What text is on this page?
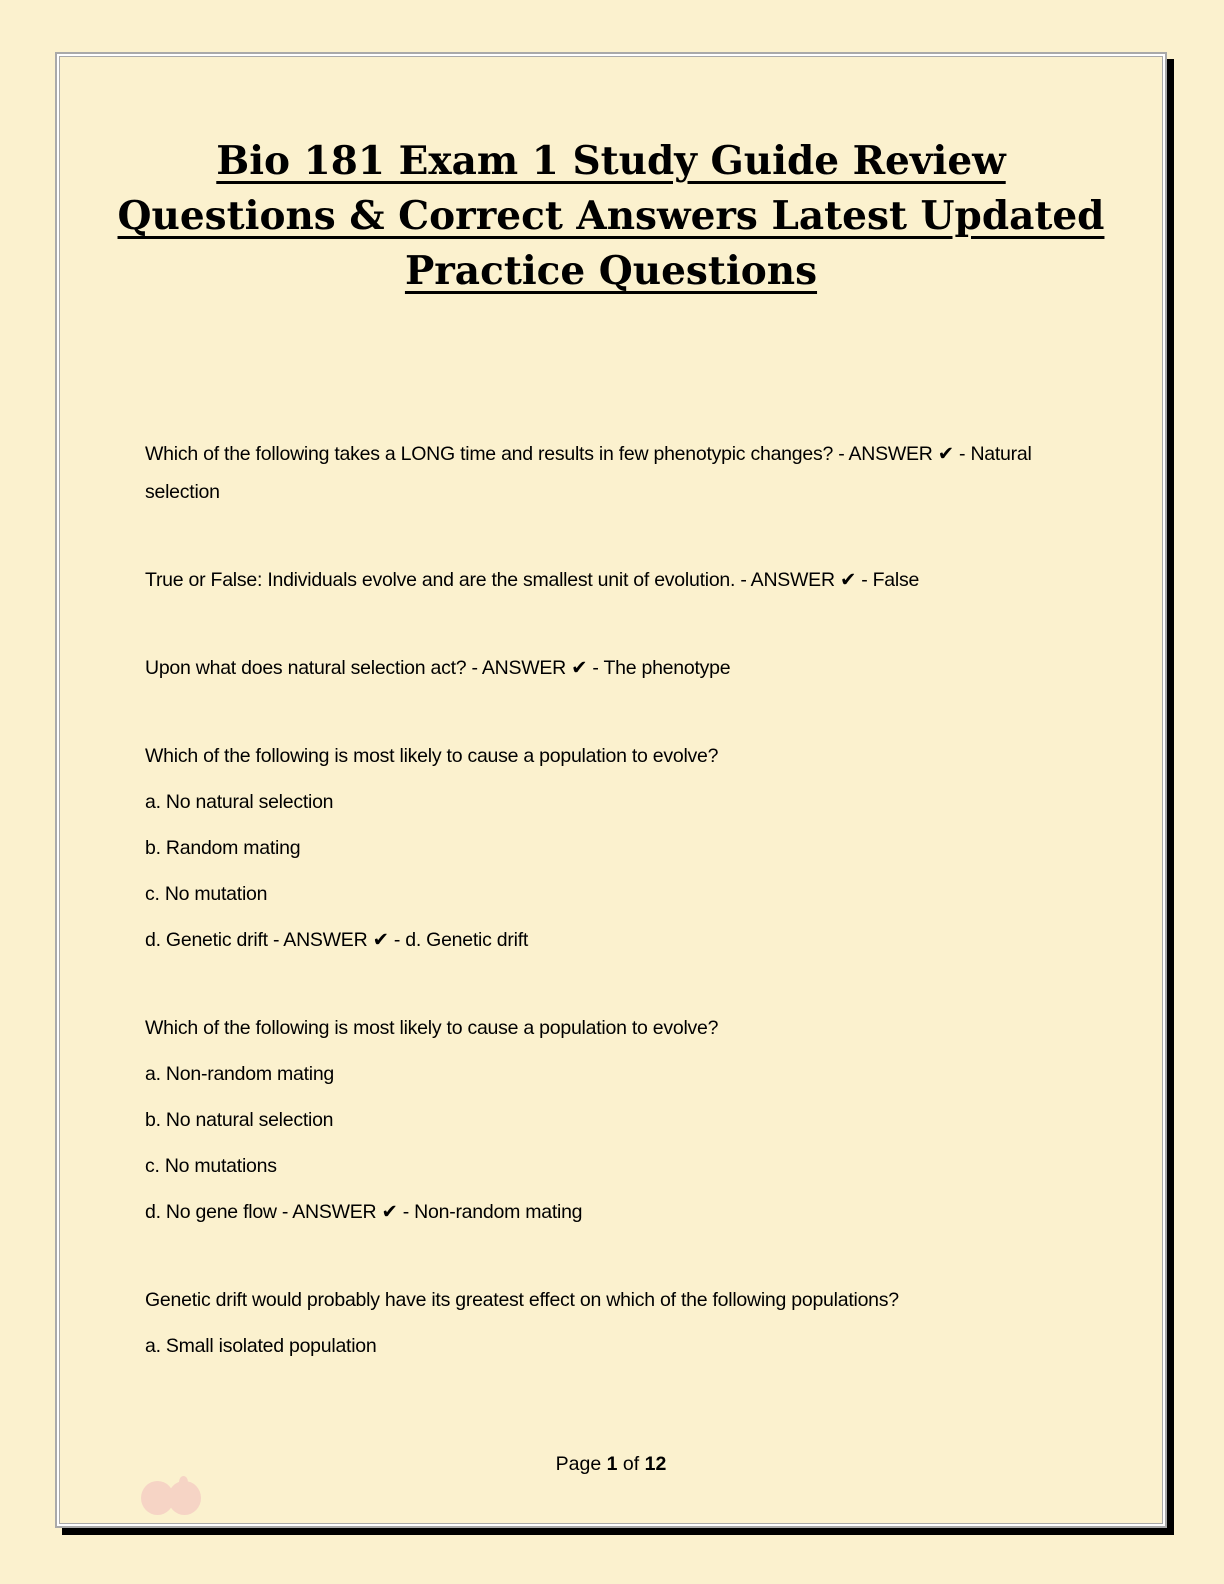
Bio 181 Exam 1 Study Guide Review
Questions & Correct Answers Latest Updated
Practice Questions

Which of the following takes a LONG time and results in few phenotypic changes? - ANSWER ✔ - Natural selection

True or False: Individuals evolve and are the smallest unit of evolution. - ANSWER ✔ - False

Upon what does natural selection act? - ANSWER ✔ - The phenotype

Which of the following is most likely to cause a population to evolve?

a. No natural selection

b. Random mating

c. No mutation

d. Genetic drift - ANSWER ✔ - d. Genetic drift

Which of the following is most likely to cause a population to evolve?

a. Non-random mating

b. No natural selection

c. No mutations

d. No gene flow - ANSWER ✔ - Non-random mating

Genetic drift would probably have its greatest effect on which of the following populations?

a. Small isolated population

Page 1 of 12
